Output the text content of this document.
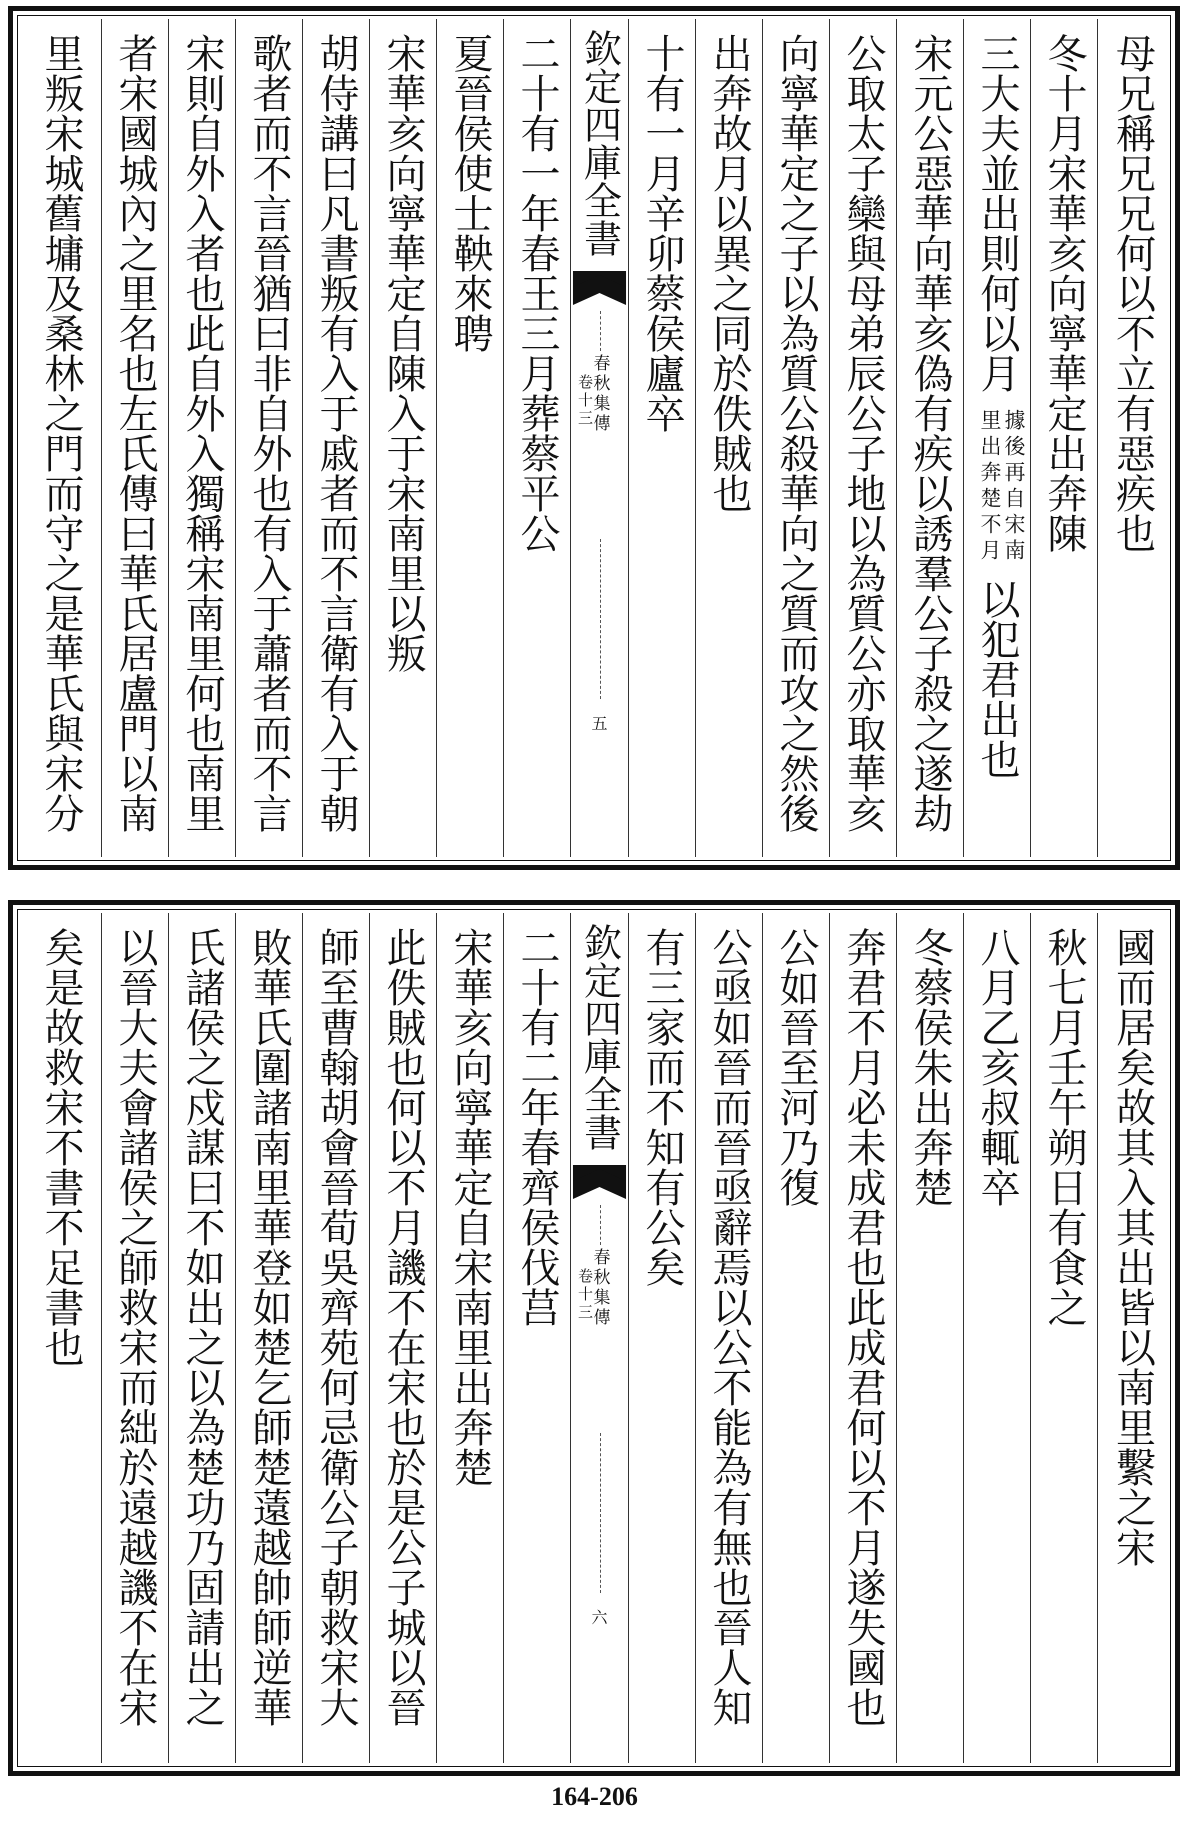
母兄稱兄兄何以不立有惡疾也
冬十月宋華亥向寧華定出奔陳
三大夫並出則何以月
據後再自宋南
里出奔楚不月
以犯君出也
宋元公惡華向華亥偽有疾以誘羣公子殺之遂劫
公取太子欒與母弟辰公子地以為質公亦取華亥
向寧華定之子以為質公殺華向之質而攻之然後
出奔故月以異之同於佚賊也
十有一月辛卯蔡侯廬卒
欽定四庫全書
春秋集傳
卷十三
五
二十有一年春王三月葬蔡平公
夏晉侯使士鞅來聘
宋華亥向寧華定自陳入于宋南里以叛
胡侍講曰凡書叛有入于戚者而不言衛有入于朝
歌者而不言晉猶曰非自外也有入于蕭者而不言
宋則自外入者也此自外入獨稱宋南里何也南里
者宋國城內之里名也左氏傳曰華氏居盧門以南
里叛宋城舊墉及桑林之門而守之是華氏與宋分
國而居矣故其入其出皆以南里繫之宋
秋七月壬午朔日有食之
八月乙亥叔輒卒
冬蔡侯朱出奔楚
奔君不月必未成君也此成君何以不月遂失國也
公如晉至河乃復
公亟如晉而晉亟辭焉以公不能為有無也晉人知
有三家而不知有公矣
欽定四庫全書
春秋集傳
卷十三
六
二十有二年春齊侯伐莒
宋華亥向寧華定自宋南里出奔楚
此佚賊也何以不月譏不在宋也於是公子城以晉
師至曹翰胡會晉荀吳齊苑何忌衛公子朝救宋大
敗華氏圍諸南里華登如楚乞師楚薳越帥師逆華
氏諸侯之戍謀曰不如出之以為楚功乃固請出之
以晉大夫會諸侯之師救宋而絀於遠越譏不在宋
矣是故救宋不書不足書也
164-206
